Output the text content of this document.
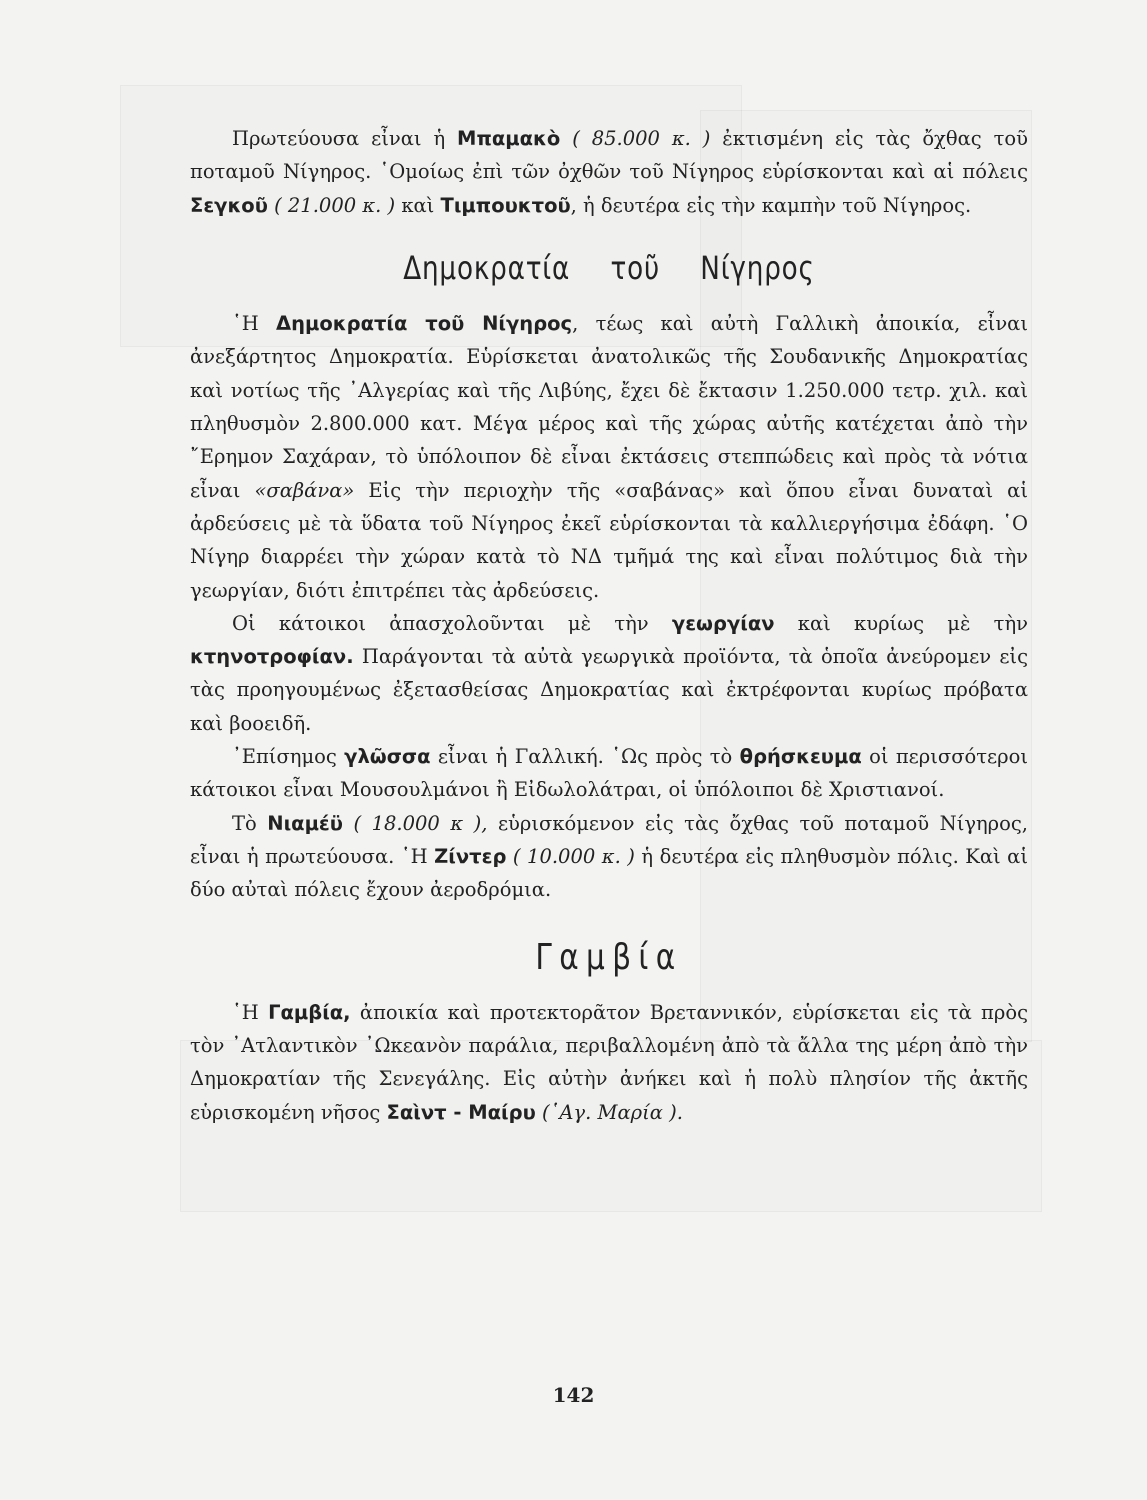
Πρωτεύουσα εἶναι ἡ Μπαμακὸ ( 85.000 κ. ) ἐκτισμένη εἰς τὰς ὄχθας τοῦ ποταμοῦ Νίγηρος. ῾Ομοίως ἐπὶ τῶν ὀχθῶν τοῦ Νίγηρος εὑρίσκονται καὶ αἱ πόλεις Σεγκοῦ ( 21.000 κ. ) καὶ Τιμπουκτοῦ, ἡ δευτέρα εἰς τὴν καμπὴν τοῦ Νίγηρος.

Δημοκρατία τοῦ Νίγηρος

῾Η Δημοκρατία τοῦ Νίγηρος, τέως καὶ αὐτὴ Γαλλικὴ ἀποικία, εἶναι ἀνεξάρτητος Δημοκρατία. Εὑρίσκεται ἀνατολικῶς τῆς Σουδανικῆς Δημοκρατίας καὶ νοτίως τῆς ᾿Αλγερίας καὶ τῆς Λιβύης, ἔχει δὲ ἔκτασιν 1.250.000 τετρ. χιλ. καὶ πληθυσμὸν 2.800.000 κατ. Μέγα μέρος καὶ τῆς χώρας αὐτῆς κατέχεται ἀπὸ τὴν ῎Ερημον Σαχάραν, τὸ ὑπόλοιπον δὲ εἶναι ἐκτάσεις στεππώδεις καὶ πρὸς τὰ νότια εἶναι «σαβάνα» Εἰς τὴν περιοχὴν τῆς «σαβάνας» καὶ ὅπου εἶναι δυναταὶ αἱ ἀρδεύσεις μὲ τὰ ὕδατα τοῦ Νίγηρος ἐκεῖ εὑρίσκονται τὰ καλλιεργήσιμα ἐδάφη. ῾Ο Νίγηρ διαρρέει τὴν χώραν κατὰ τὸ ΝΔ τμῆμά της καὶ εἶναι πολύτιμος διὰ τὴν γεωργίαν, διότι ἐπιτρέπει τὰς ἀρδεύσεις.

Οἱ κάτοικοι ἀπασχολοῦνται μὲ τὴν γεωργίαν καὶ κυρίως μὲ τὴν κτηνοτροφίαν. Παράγονται τὰ αὐτὰ γεωργικὰ προϊόντα, τὰ ὁποῖα ἀνεύρομεν εἰς τὰς προηγουμένως ἐξετασθείσας Δημοκρατίας καὶ ἐκτρέφονται κυρίως πρόβατα καὶ βοοειδῆ.

᾿Επίσημος γλῶσσα εἶναι ἡ Γαλλική. ῾Ως πρὸς τὸ θρήσκευμα οἱ περισσότεροι κάτοικοι εἶναι Μουσουλμάνοι ἢ Εἰδωλολάτραι, οἱ ὑπόλοιποι δὲ Χριστιανοί.

Τὸ Νιαμέϋ ( 18.000 κ ), εὑρισκόμενον εἰς τὰς ὄχθας τοῦ ποταμοῦ Νίγηρος, εἶναι ἡ πρωτεύουσα. ῾Η Ζίντερ ( 10.000 κ. ) ἡ δευτέρα εἰς πληθυσμὸν πόλις. Καὶ αἱ δύο αὐταὶ πόλεις ἔχουν ἀεροδρόμια.

Γαμβία

῾Η Γαμβία, ἀποικία καὶ προτεκτορᾶτον Βρεταννικόν, εὑρίσκεται εἰς τὰ πρὸς τὸν ᾿Ατλαντικὸν ᾿Ωκεανὸν παράλια, περιβαλλομένη ἀπὸ τὰ ἄλλα της μέρη ἀπὸ τὴν Δημοκρατίαν τῆς Σενεγάλης. Εἰς αὐτὴν ἀνήκει καὶ ἡ πολὺ πλησίον τῆς ἀκτῆς εὑρισκομένη νῆσος Σαὶντ - Μαίρυ (῾Αγ. Μαρία ).

142
